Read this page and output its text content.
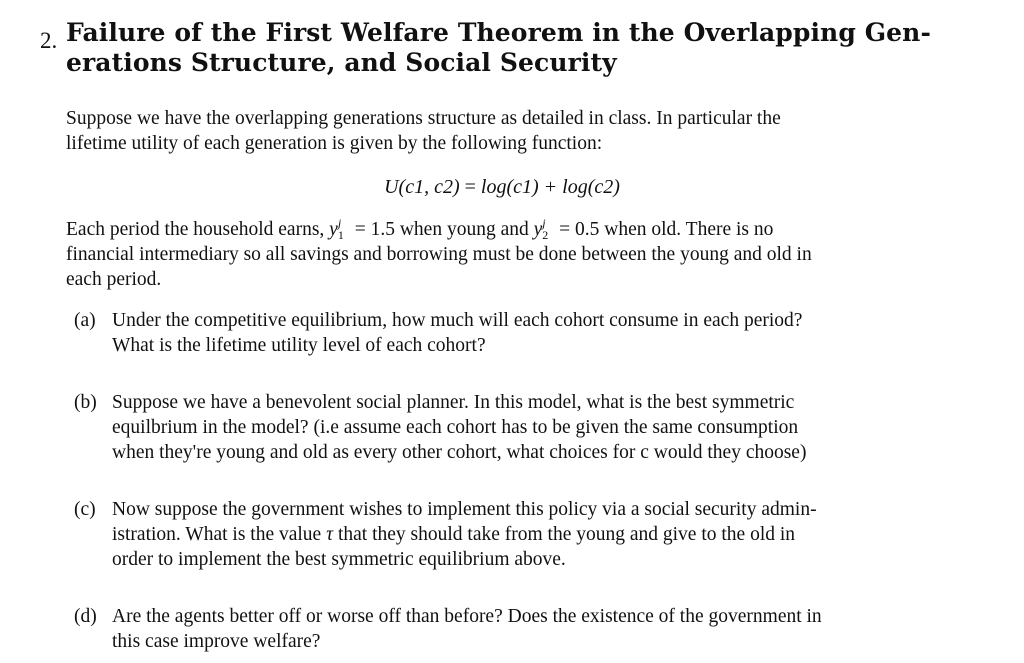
2. Failure of the First Welfare Theorem in the Overlapping Gen- erations Structure, and Social Security
Suppose we have the overlapping generations structure as detailed in class. In particular the
lifetime utility of each generation is given by the following function:
U(c1, c2) = log(c1) + log(c2)
Each period the household earns, y j
1 = 1.5 when young and y j
2 = 0.5 when old. There is no
financial intermediary so all savings and borrowing must be done between the young and old in
each period.
(a) Under the competitive equilibrium, how much will each cohort consume in each period?
What is the lifetime utility level of each cohort?
(b) Suppose we have a benevolent social planner. In this model, what is the best symmetric
equilbrium in the model? (i.e assume each cohort has to be given the same consumption
when they're young and old as every other cohort, what choices for c would they choose)
(c) Now suppose the government wishes to implement this policy via a social security admin-
istration. What is the value τ that they should take from the young and give to the old in
order to implement the best symmetric equilibrium above.
(d) Are the agents better off or worse off than before? Does the existence of the government in
this case improve welfare?
